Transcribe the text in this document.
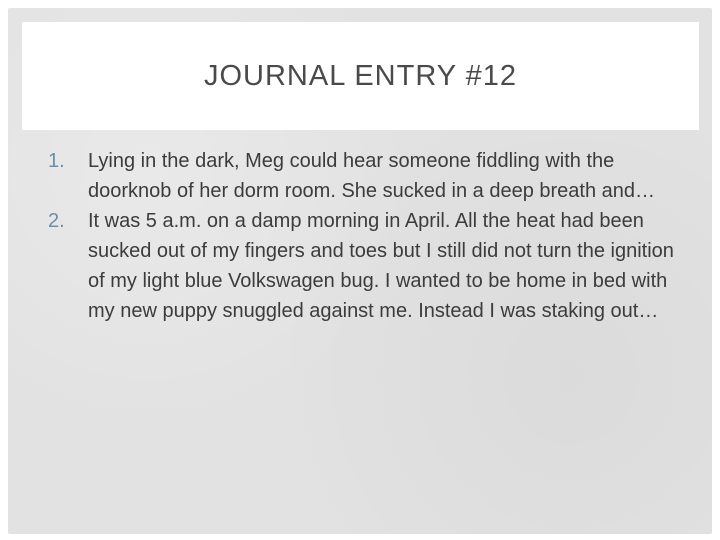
JOURNAL ENTRY #12
1.	Lying in the dark, Meg could hear someone fiddling with the doorknob of her dorm room. She sucked in a deep breath and…
2.	It was 5 a.m. on a damp morning in April. All the heat had been sucked out of my fingers and toes but I still did not turn the ignition of my light blue Volkswagen bug. I wanted to be home in bed with my new puppy snuggled against me. Instead I was staking out…
